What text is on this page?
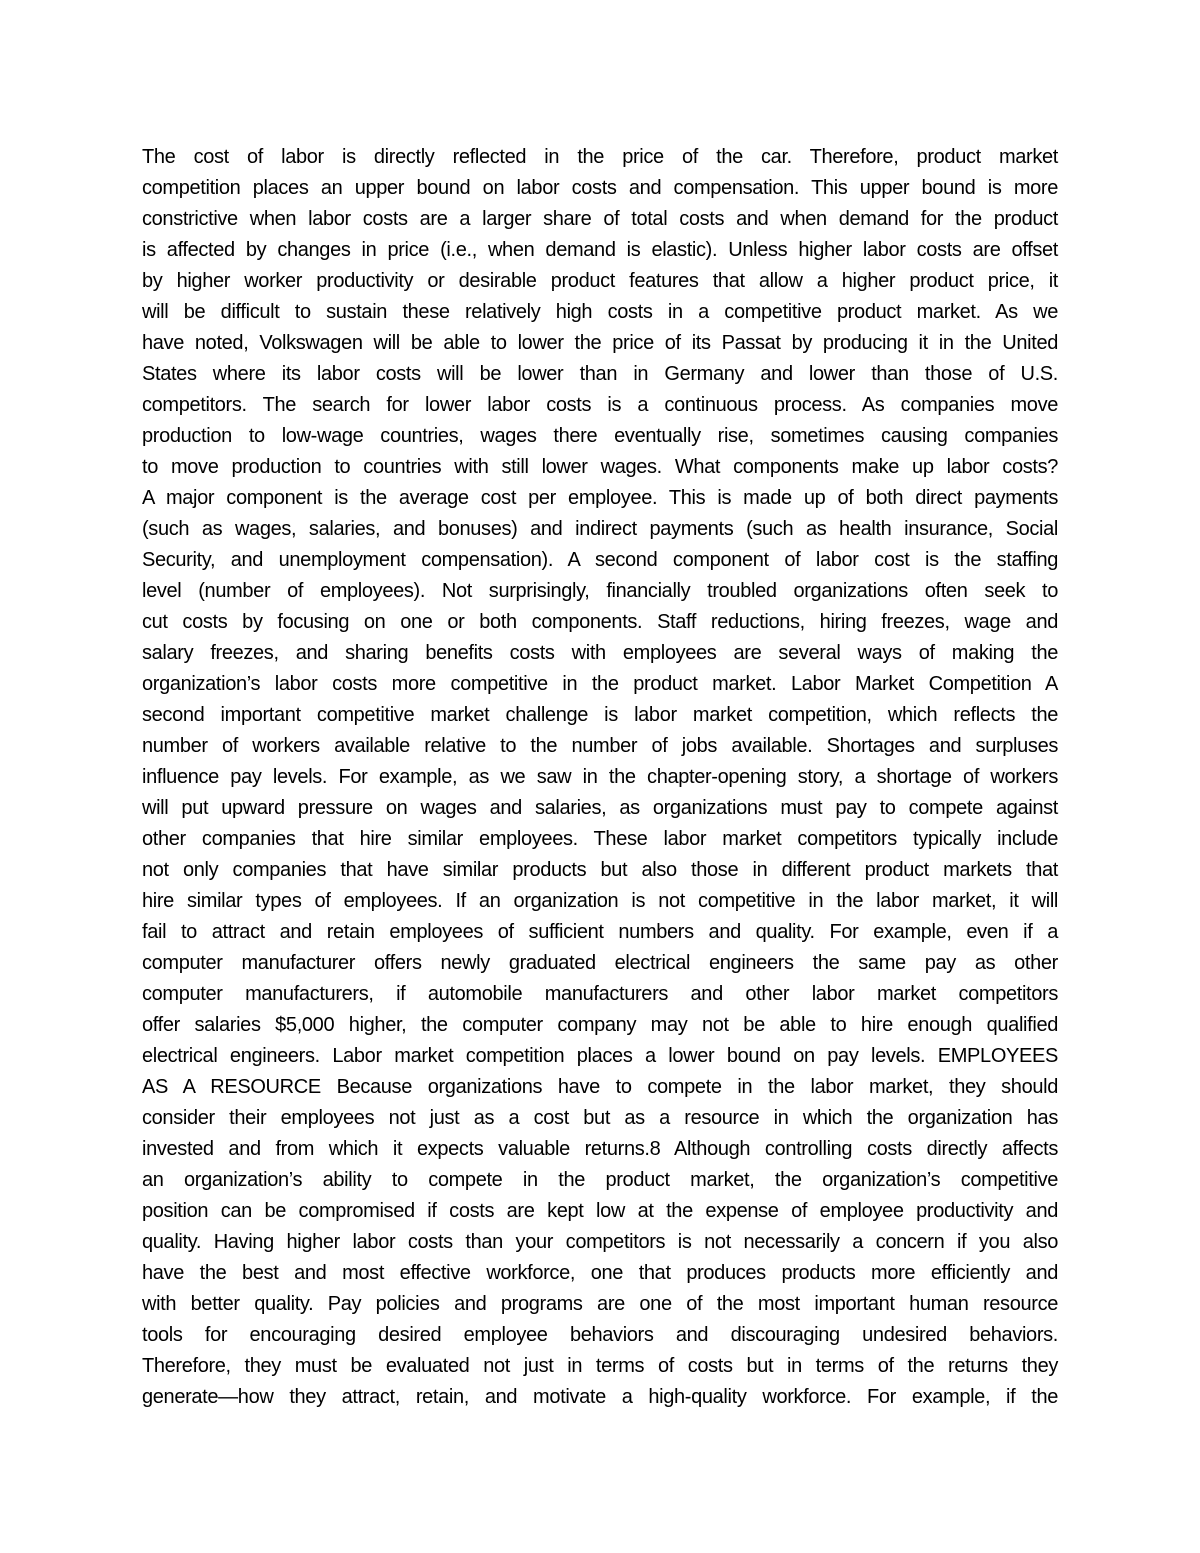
The cost of labor is directly reflected in the price of the car. Therefore, product market
competition places an upper bound on labor costs and compensation. This upper bound is more
constrictive when labor costs are a larger share of total costs and when demand for the product
is affected by changes in price (i.e., when demand is elastic). Unless higher labor costs are offset
by higher worker productivity or desirable product features that allow a higher product price, it
will be difficult to sustain these relatively high costs in a competitive product market. As we
have noted, Volkswagen will be able to lower the price of its Passat by producing it in the United
States where its labor costs will be lower than in Germany and lower than those of U.S.
competitors. The search for lower labor costs is a continuous process. As companies move
production to low-wage countries, wages there eventually rise, sometimes causing companies
to move production to countries with still lower wages. What components make up labor costs?
A major component is the average cost per employee. This is made up of both direct payments
(such as wages, salaries, and bonuses) and indirect payments (such as health insurance, Social
Security, and unemployment compensation). A second component of labor cost is the staffing
level (number of employees). Not surprisingly, financially troubled organizations often seek to
cut costs by focusing on one or both components. Staff reductions, hiring freezes, wage and
salary freezes, and sharing benefits costs with employees are several ways of making the
organization’s labor costs more competitive in the product market. Labor Market Competition A
second important competitive market challenge is labor market competition, which reflects the
number of workers available relative to the number of jobs available. Shortages and surpluses
influence pay levels. For example, as we saw in the chapter-opening story, a shortage of workers
will put upward pressure on wages and salaries, as organizations must pay to compete against
other companies that hire similar employees. These labor market competitors typically include
not only companies that have similar products but also those in different product markets that
hire similar types of employees. If an organization is not competitive in the labor market, it will
fail to attract and retain employees of sufficient numbers and quality. For example, even if a
computer manufacturer offers newly graduated electrical engineers the same pay as other
computer manufacturers, if automobile manufacturers and other labor market competitors
offer salaries $5,000 higher, the computer company may not be able to hire enough qualified
electrical engineers. Labor market competition places a lower bound on pay levels. EMPLOYEES
AS A RESOURCE Because organizations have to compete in the labor market, they should
consider their employees not just as a cost but as a resource in which the organization has
invested and from which it expects valuable returns.8 Although controlling costs directly affects
an organization’s ability to compete in the product market, the organization’s competitive
position can be compromised if costs are kept low at the expense of employee productivity and
quality. Having higher labor costs than your competitors is not necessarily a concern if you also
have the best and most effective workforce, one that produces products more efficiently and
with better quality. Pay policies and programs are one of the most important human resource
tools for encouraging desired employee behaviors and discouraging undesired behaviors.
Therefore, they must be evaluated not just in terms of costs but in terms of the returns they
generate—how they attract, retain, and motivate a high-quality workforce. For example, if the
